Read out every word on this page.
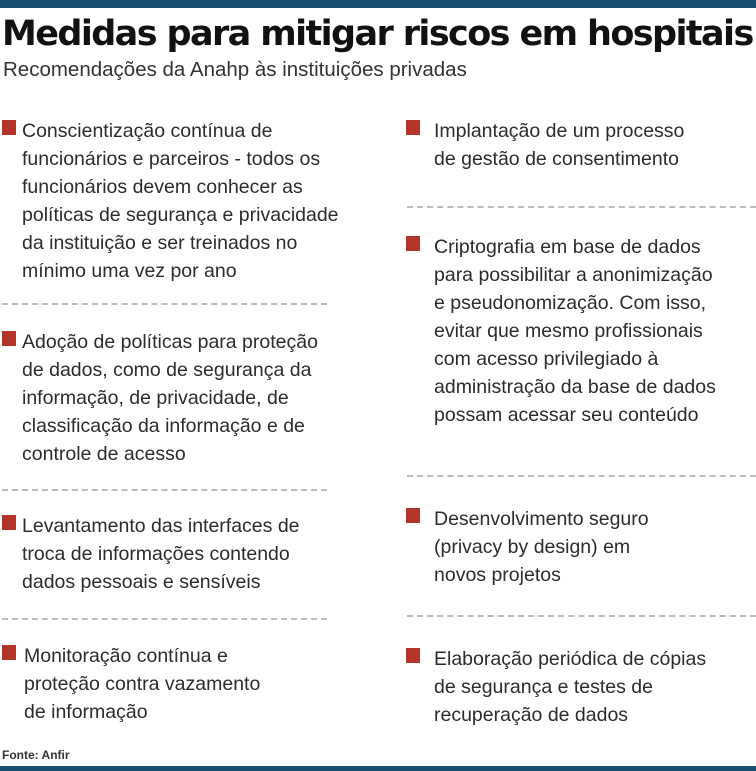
Medidas para mitigar riscos em hospitais

Recomendações da Anahp às instituições privadas

Conscientização contínua de
funcionários e parceiros - todos os
funcionários devem conhecer as
políticas de segurança e privacidade
da instituição e ser treinados no
mínimo uma vez por ano

Adoção de políticas para proteção
de dados, como de segurança da
informação, de privacidade, de
classificação da informação e de
controle de acesso

Levantamento das interfaces de
troca de informações contendo
dados pessoais e sensíveis

Monitoração contínua e
proteção contra vazamento
de informação

Implantação de um processo
de gestão de consentimento

Criptografia em base de dados
para possibilitar a anonimização
e pseudonomização. Com isso,
evitar que mesmo profissionais
com acesso privilegiado à
administração da base de dados
possam acessar seu conteúdo

Desenvolvimento seguro
(privacy by design) em
novos projetos

Elaboração periódica de cópias
de segurança e testes de
recuperação de dados

Fonte: Anfir
